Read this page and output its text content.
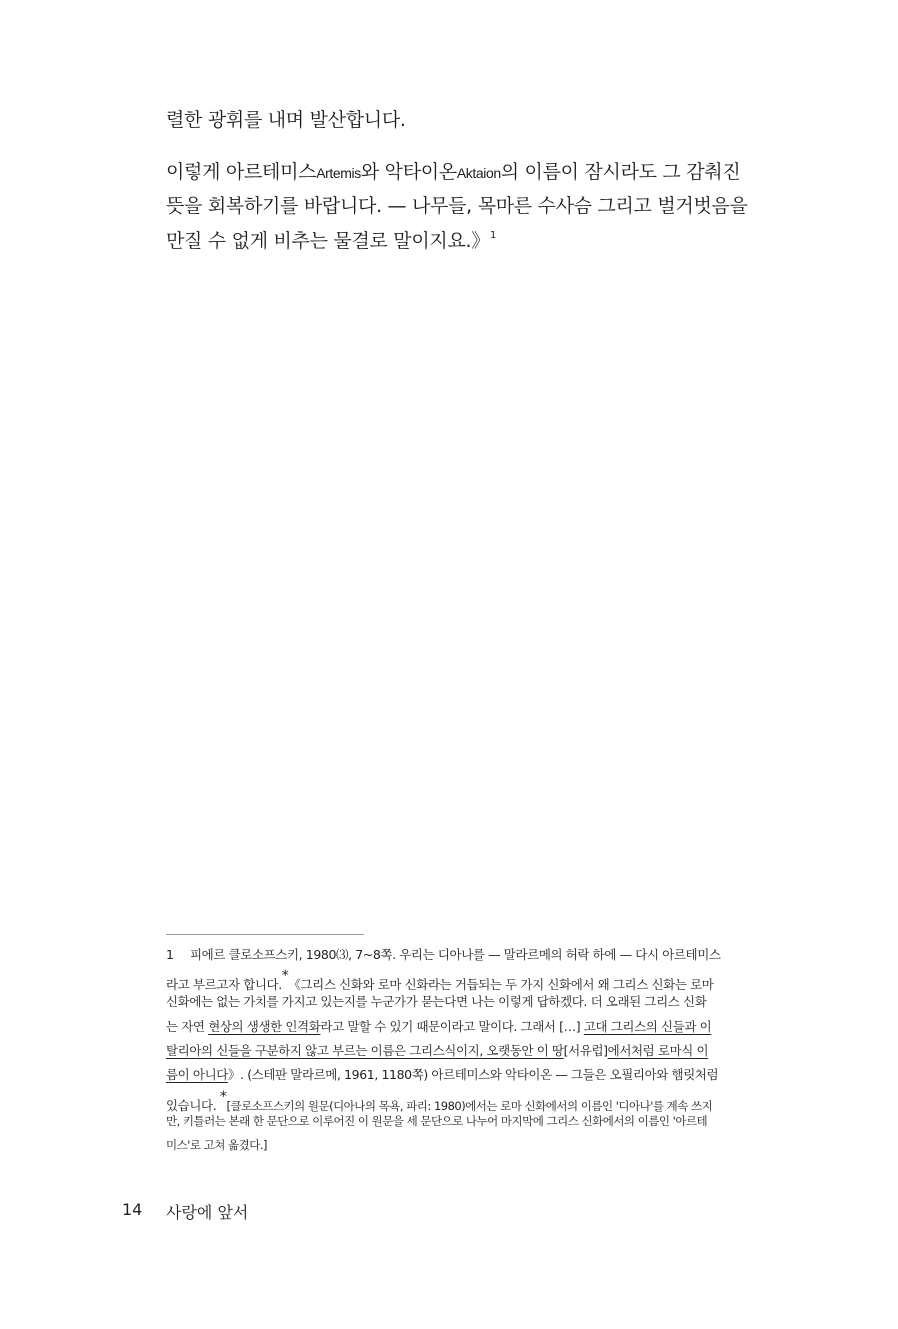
렬한 광휘를 내며 발산합니다.
이렇게 아르테미스Artemis와 악타이온Aktaion의 이름이 잠시라도 그 감춰진
뜻을 회복하기를 바랍니다. — 나무들, 목마른 수사슴 그리고 벌거벗음을
만질 수 없게 비추는 물결로 말이지요.》$^1$
1 피에르 클로소프스키, 1980⑶, 7~8쪽. 우리는 디아나를 — 말라르메의 허락 하에 — 다시 아르테미스
라고 부르고자 합니다.*《그리스 신화와 로마 신화라는 거듭되는 두 가지 신화에서 왜 그리스 신화는 로마
신화에는 없는 가치를 가지고 있는지를 누군가가 묻는다면 나는 이렇게 답하겠다. 더 오래된 그리스 신화
는 자연 현상의 생생한 인격화라고 말할 수 있기 때문이라고 말이다. 그래서 […] 고대 그리스의 신들과 이
탈리아의 신들을 구분하지 않고 부르는 이름은 그리스식이지, 오랫동안 이 땅[서유럽]에서처럼 로마식 이
름이 아니다》. (스테판 말라르메, 1961, 1180쪽) 아르테미스와 악타이온 — 그들은 오필리아와 햄릿처럼
있습니다. *[클로소프스키의 원문(디아나의 목욕, 파리: 1980)에서는 로마 신화에서의 이름인 '디아나'를 계속 쓰지
만, 키틀러는 본래 한 문단으로 이루어진 이 원문을 세 문단으로 나누어 마지막에 그리스 신화에서의 이름인 '아르테
미스'로 고쳐 옮겼다.]
14 사랑에 앞서
